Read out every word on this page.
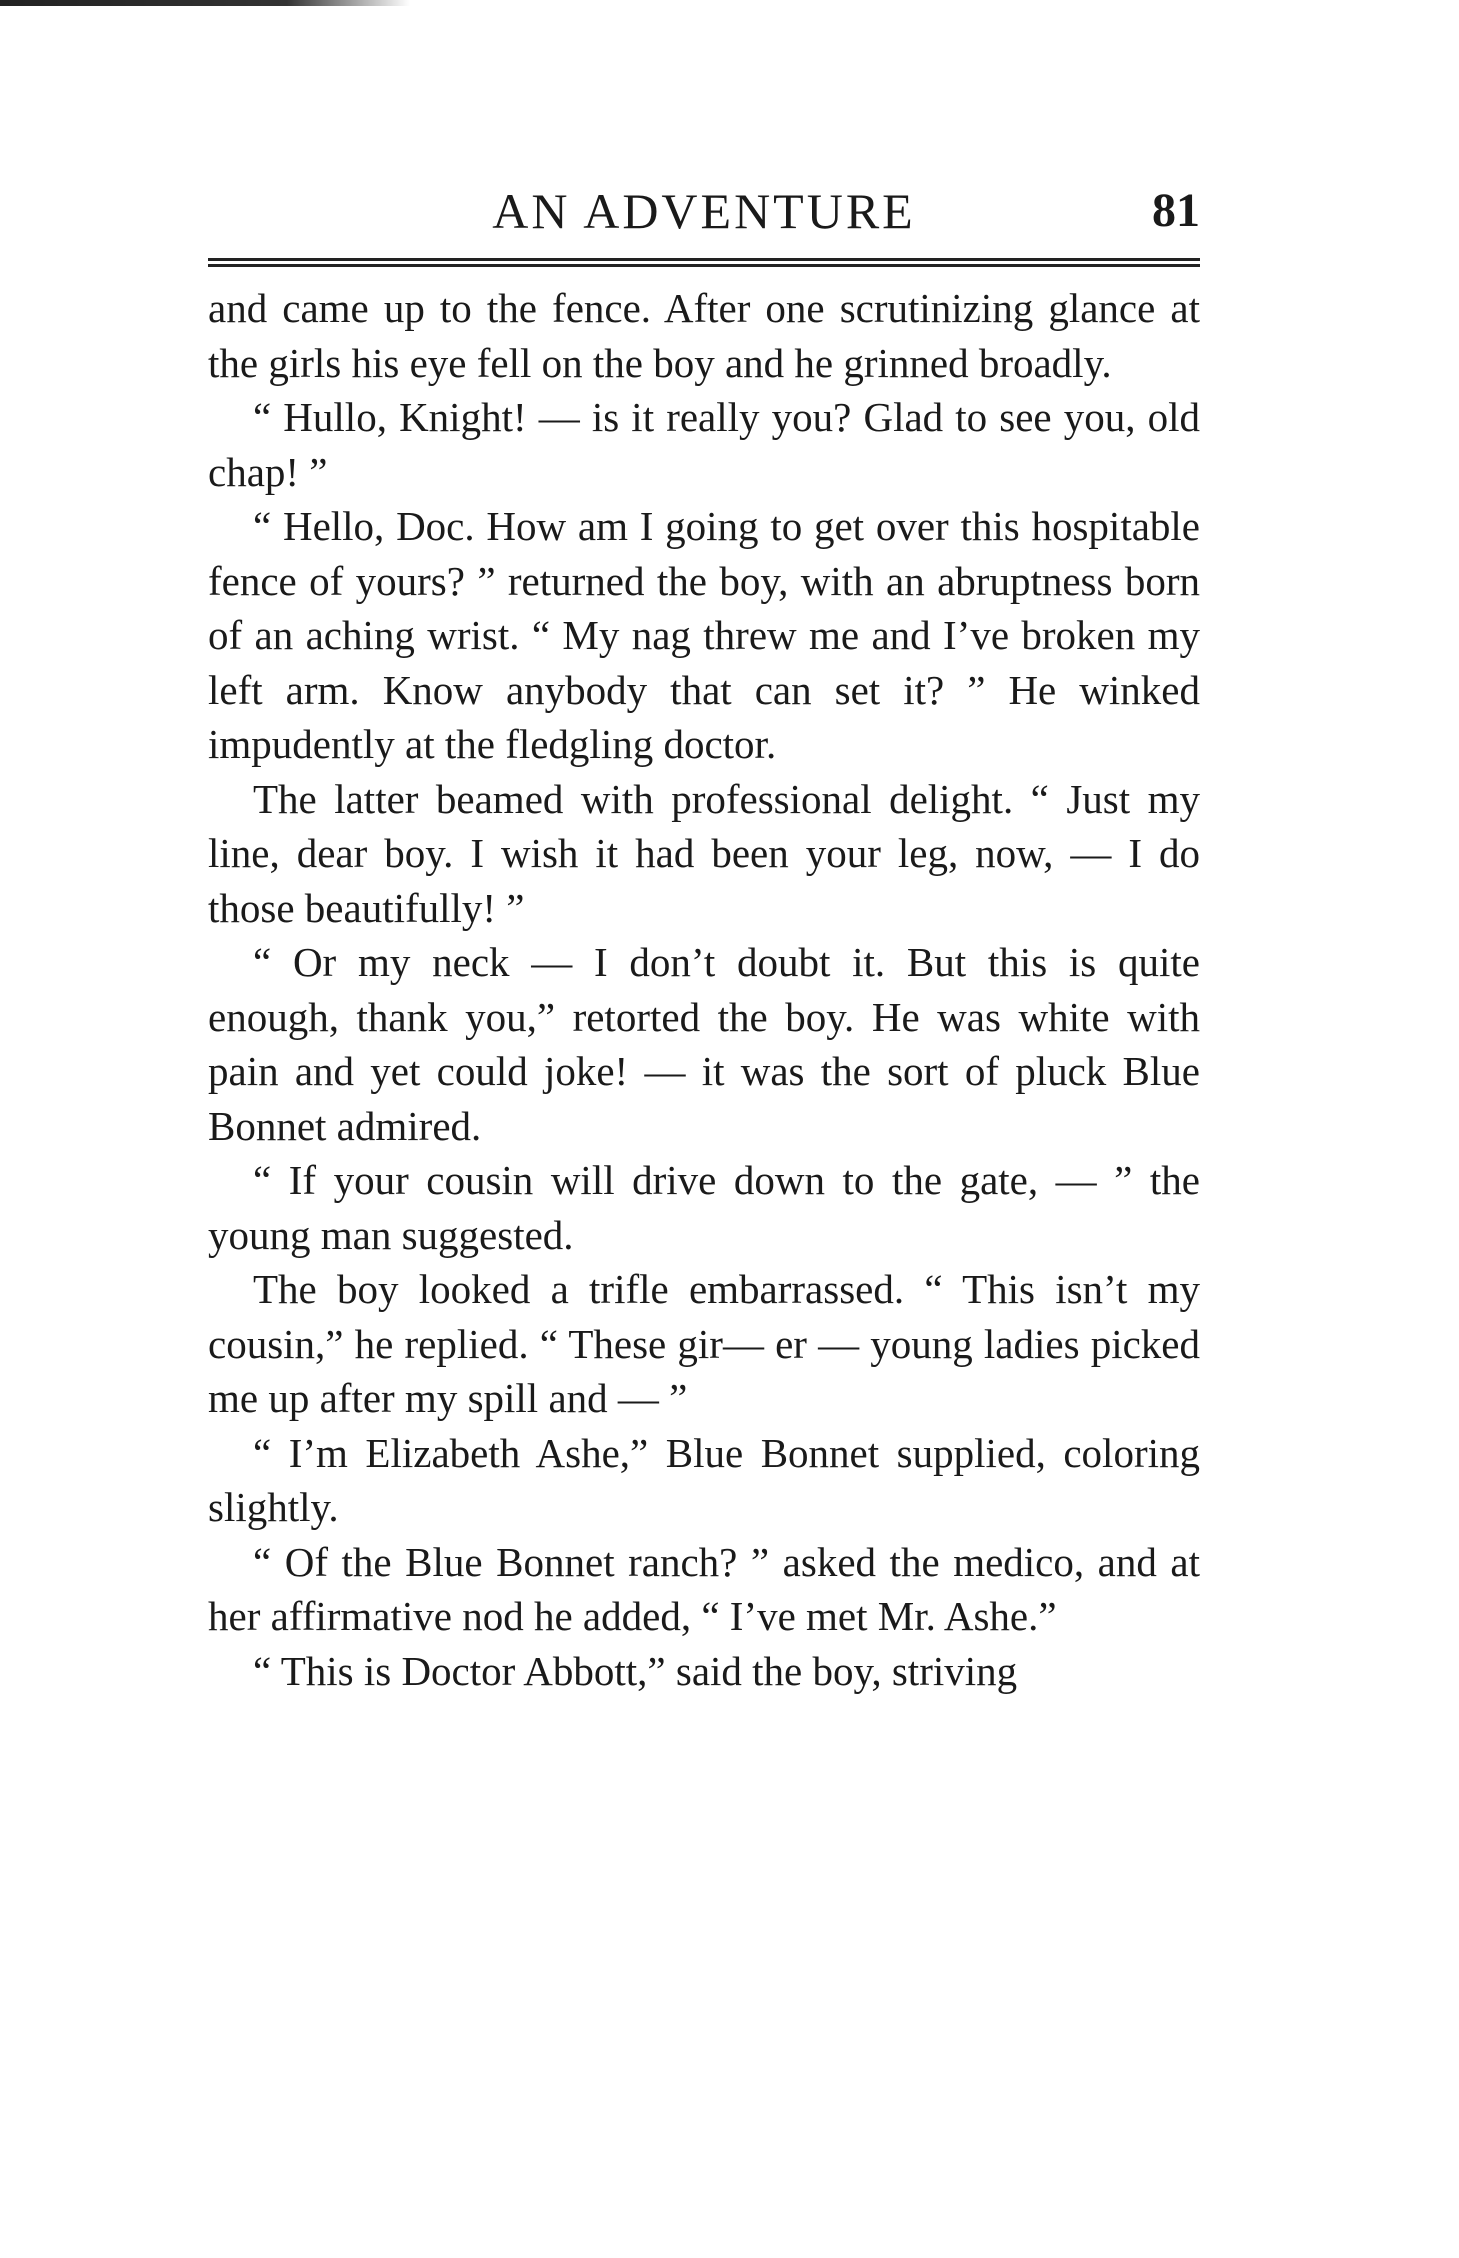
AN ADVENTURE	81

and came up to the fence. After one scrutinizing glance at the girls his eye fell on the boy and he grinned broadly.

“ Hullo, Knight! — is it really you? Glad to see you, old chap! ”

“ Hello, Doc. How am I going to get over this hospitable fence of yours? ” returned the boy, with an abruptness born of an aching wrist. “ My nag threw me and I’ve broken my left arm. Know anybody that can set it? ” He winked impudently at the fledgling doctor.

The latter beamed with professional delight. “ Just my line, dear boy. I wish it had been your leg, now, — I do those beautifully! ”

“ Or my neck — I don’t doubt it. But this is quite enough, thank you,” retorted the boy. He was white with pain and yet could joke! — it was the sort of pluck Blue Bonnet admired.

“ If your cousin will drive down to the gate, — ” the young man suggested.

The boy looked a trifle embarrassed. “ This isn’t my cousin,” he replied. “ These gir— er — young ladies picked me up after my spill and — ”

“ I’m Elizabeth Ashe,” Blue Bonnet supplied, coloring slightly.

“ Of the Blue Bonnet ranch? ” asked the medico, and at her affirmative nod he added, “ I’ve met Mr. Ashe.”

“ This is Doctor Abbott,” said the boy, striving
